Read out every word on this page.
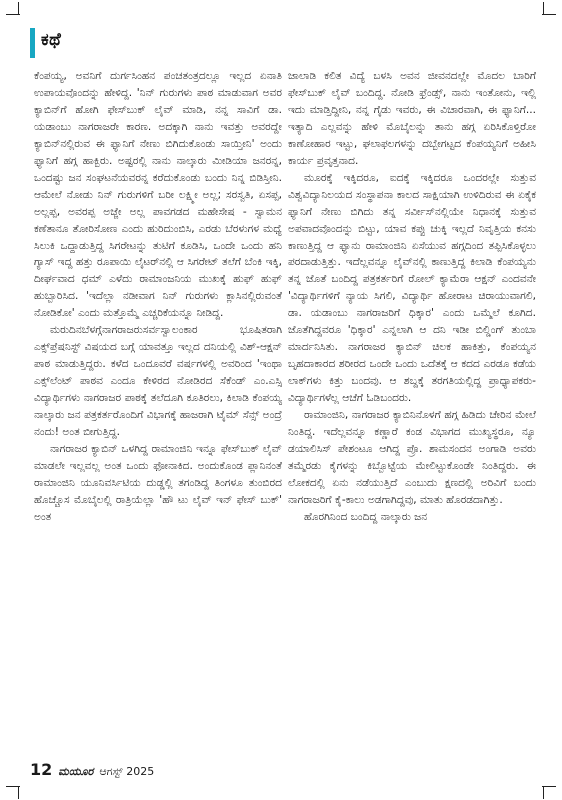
ಕಥೆ

ಕೆಂಪಯ್ಯ, ಅವನಿಗೆ ದುರ್ಗಸಿಂಹನ ಪಂಚತಂತ್ರದಲ್ಲೂ ಇಲ್ಲದ ಏನಾತಿ ಉಪಾಯವೊಂದನ್ನು ಹೇಳಿದ್ದ. 'ನಿನ್ ಗುರುಗಳು ಪಾಠ ಮಾಡುವಾಗ ಅವರ ಕ್ಯಾಬಿನ್‌ಗೆ ಹೋಗಿ ಫೇಸ್‌ಬುಕ್ ಲೈವ್ ಮಾಡಿ, ನನ್ನ ಸಾವಿಗೆ ಡಾ. ಯಡಾಂಬು ನಾಗರಾಜರೇ ಕಾರಣ. ಅದಕ್ಕಾಗಿ ನಾನು ಇವತ್ತು ಅವರದ್ದೇ ಕ್ಯಾಬಿನ್‌ನಲ್ಲಿರುವ ಈ ಫ್ಯಾನಿಗೆ ನೇಣು ಬಿಗಿದುಕೊಂಡು ಸಾಯ್ತೀನಿ' ಅಂದು ಫ್ಯಾನಿಗೆ ಹಗ್ಗ ಹಾಕ್ಬಿರು. ಅಷ್ಟರಲ್ಲಿ ನಾನು ನಾಲ್ಕಾರು ಮೀಡಿಯಾ ಜನರನ್ನ, ಒಂದಷ್ಟು ಜನ ಸಂಘಟನೆಯವರನ್ನ ಕರೆದುಕೊಂಡು ಬಂದು ನಿನ್ನ ಬಿಡಿಸ್ತೀನಿ. ಆಮೇಲೆ ನೋಡು ನಿನ್ ಗುರುಗಳಿಗೆ ಬರೀ ಲಕ್ಷ್ಮೀ ಅಲ್ಲ; ಸರಸ್ವತಿ, ಏಸಪ್ಪ, ಅಲ್ಲಪ್ಪ, ಅವರಪ್ಪ ಅಜ್ಜೇ ಅಲ್ಲ ಪಾವಗಡದ ಮಹೇಸೇಷ - ಸ್ವಾಮನ ಕಣೆತಾನೂ ತೋರಿಸೋಣ ಎಂದು ಹುರಿದುಂಬಿಸಿ, ಎರಡು ಬೆರಳುಗಳ ಮಧ್ಯೆ ಸಿಲುಕಿ ಒದ್ದಾಡುತ್ತಿದ್ದ ಸಿಗರೇಟನ್ನು ತುಟಿಗೆ ಕೂಡಿಸಿ, ಒಂದೇ ಒಂದು ಹನಿ ಗ್ಯಾಸ್ ಇದ್ದ ಹತ್ತು ರೂಪಾಯಿ ಲೈಟರ್‌ನಲ್ಲಿ ಆ ಸಿಗರೇಟ್ ತಲೆಗೆ ಬೆಂಕಿ ಇಕ್ಕಿ, ದೀರ್ಘವಾದ ಧಮ್ ಎಳೆದು ರಾಮಾಂಜನಿಯ ಮುಖಕ್ಕೆ ಹುಫ್ ಹುಫ್ ಹುಬ್ಬಾರಿಸಿದ. 'ಇದೆಲ್ಲಾ ನಡೀವಾಗ ನಿನ್ ಗುರುಗಳು ಕ್ಲಾಸಿನಲ್ಲಿರುವಂತೆ ನೋಡಿಕೋ' ಎಂದು ಮತ್ತೊಮ್ಮೆ ಎಚ್ಚರಿಕೆಯನ್ನೂ ನೀಡಿದ್ದ.

ಮರುದಿನಬೆಳಗ್ಗೆನಾಗರಾಜರುಸರ್ವಸ್ವಾಲಂಕಾರ ಭೂಷಿತರಾಗಿ ಎಕ್ಸ್‌ಪ್ರೆಷನಿಸ್ಟ್ ವಿಷಯದ ಬಗ್ಗೆ ಯಾವತ್ತೂ ಇಲ್ಲದ ದನಿಯಲ್ಲಿ ವಿಶ್-ಆಕ್ಷನ್ ಪಾಠ ಮಾಡುತ್ತಿದ್ದರು. ಕಳೆದ ಒಂದೂವರೆ ವರ್ಷಗಳಲ್ಲಿ ಅವರಿಂದ 'ಇಂಥಾ ಎಕ್ಸ್‌ಲೆಂಟ್ ಪಾಠವ ಎಂದೂ ಕೇಳಿರದ ನೋಡಿರದ ಸೆಕೆಂಡ್ ಎಂ.ಎಸ್ಸಿ ವಿದ್ಯಾರ್ಥಿಗಳು ನಾಗರಾಜರ ಪಾಠಕ್ಕೆ ತಲೆದೂಗಿ ಕೂತಿರಲು, ಕಿಲಾಡಿ ಕೆಂಪಯ್ಯ ನಾಲ್ಕಾರು ಜನ ಪತ್ರಕರ್ತರೊಂದಿಗೆ ವಿಭಾಗಕ್ಕೆ ಹಾಜರಾಗಿ ಟೈಮ್ ಸೆನ್ಸ್ ಅಂದ್ರೆ ನಂದು! ಅಂತ ಬೀಗುತ್ತಿದ್ದ.

ನಾಗರಾಜರ ಕ್ಯಾಬಿನ್ ಒಳಗಿದ್ದ ರಾಮಾಂಜಿನಿ ಇನ್ನೂ ಫೇಸ್‌ಬುಕ್ ಲೈವ್ ಮಾಡಲೇ ಇಲ್ಲವಲ್ಲ ಅಂತ ಒಂದು ಫೋನಾಕಿದ. ಅಂದುಕೊಂಡ ಪ್ಲಾನಿನಂತೆ ರಾಮಾಂಜಿನಿ ಯೂನಿವರ್ಸಿಟಿಯ ದುಡ್ಡಲ್ಲಿ ತಗಂಡಿದ್ದ ತಿಂಗಳೂ ತುಂಬಿರದ ಹೊಚ್ಚೊಸ ಮೊಬೈಲಲ್ಲಿ ರಾತ್ರಿಯೆಲ್ಲಾ 'ಹೌ ಟು ಲೈವ್ ಇನ್ ಫೇಸ್ ಬುಕ್' ಅಂತ

ಜಾಲಾಡಿ ಕಲಿತ ವಿದ್ಯೆ ಬಳಸಿ ಅವನ ಜೀವನದಲ್ಲೇ ಮೊದಲ ಬಾರಿಗೆ ಫೇಸ್‌ಬುಕ್ ಲೈವ್ ಬಂದಿದ್ದ. ನೋಡಿ ಫ್ರೆಂಡ್ಸ್, ನಾನು ಇಂತೋನು, ಇಲ್ಲಿ ಇದು ಮಾಡ್ತಿದ್ದೀನಿ, ನನ್ನ ಗೈಡು ಇವರು, ಈ ವಿಚಾರವಾಗಿ, ಈ ಫ್ಯಾನಿಗೆ... ಇತ್ಯಾದಿ ಎಲ್ಲವನ್ನು ಹೇಳಿ ಮೊಬೈಲನ್ನು ತಾನು ಹಗ್ಗ ಏರಿಸಿಕೊಳ್ತಿರೋ ಕಾಣೋಹಾರ ಇಟ್ಟು, ಘಲಾಫಲಗಳನ್ನು ದಬ್ಬೇಗಟ್ಟದ ಕೆಂಪಯ್ಯನಿಗೆ ಅಹೀಸಿ ಕಾರ್ಯ ಪ್ರವೃತ್ತನಾದ.

ಮೂರಕ್ಕೆ ಇಕ್ಕಿದರೂ, ಐದಕ್ಕೆ ಇಕ್ಕಿದರೂ ಒಂದರಲ್ಲೇ ಸುತ್ತುವ ವಿಶ್ವವಿದ್ಯಾನಿಲಯದ ಸಂಸ್ಥಾಪನಾ ಕಾಲದ ಸಾಕ್ಷಿಯಾಗಿ ಉಳಿದಿರುವ ಈ ಏಕೈಕ ಫ್ಯಾನಿಗೆ ನೇಣು ಬಿಗಿದು ತನ್ನ ಸರ್ವೀಸ್‌ನಲ್ಲಿಯೇ ನಿಧಾನಕ್ಕೆ ಸುತ್ತುವ ಅಪವಾದವೊಂದನ್ನು ಬಿಟ್ಟು, ಯಾವ ಕಪ್ಪು ಚುಕ್ಕಿ ಇಲ್ಲದೆ ನಿವೃತ್ತಿಯ ಕನಸು ಕಾಣುತ್ತಿದ್ದ ಆ ಫ್ಯಾನು ರಾಮಾಂಜಿನಿ ಏಸೆಯುವ ಹಗ್ಗದಿಂದ ತಪ್ಪಿಸಿಕೊಳ್ಳಲು ಪರದಾಡುತ್ತಿತ್ತು. ಇದೆಲ್ಲವನ್ನೂ ಲೈವ್‌ನಲ್ಲಿ ಕಾಣುತ್ತಿದ್ದ ಕಿಲಾಡಿ ಕೆಂಪಯ್ಯನು ತನ್ನ ಜೊತೆ ಬಂದಿದ್ದ ಪತ್ರಕರ್ತರಿಗೆ ರೋಲ್ ಕ್ಯಾಮೆರಾ ಆಕ್ಷನ್ ಎಂದವನೇ 'ವಿದ್ಯಾರ್ಥಿಗಳಿಗೆ ನ್ಯಾಯ ಸಿಗಲಿ, ವಿದ್ಯಾರ್ಥಿ ಹೋರಾಟ ಚಿರಾಯುವಾಗಲಿ, ಡಾ. ಯಡಾಂಬು ನಾಗರಾಜರಿಗೆ ಧಿಕ್ಕಾರ' ಎಂದು ಒಮ್ಮೆಲೆ ಕೂಗಿದ. ಜೊತೆಗಿದ್ದವರೂ 'ಧಿಕ್ಕಾರ' ಎನ್ನಲಾಗಿ ಆ ದನಿ ಇಡೀ ಬಿಲ್ಡಿಂಗ್ ತುಂಬಾ ಮಾರ್ದನಿಸಿತು. ನಾಗರಾಜರ ಕ್ಯಾಬಿನ್ ಚಿಲಕ ಹಾಕಿತ್ತು, ಕೆಂಪಯ್ಯನ ಬೃಹದಾಕಾರದ ಶರೀರದ ಒಂದೇ ಒಂದು ಒದೆತಕ್ಕೆ ಆ ಕದದ ಎರಡೂ ಕಡೆಯ ಲಾಕ್‌ಗಳು ಕಿತ್ತು ಬಂದವು. ಆ ಶಬ್ದಕ್ಕೆ ತರಗತಿಯಲ್ಲಿದ್ದ ಪ್ರಾಧ್ಯಾಪಕರು-ವಿದ್ಯಾರ್ಥಿಗಳೆಲ್ಲ ಆಚೆಗೆ ಓಡಿಬಂದರು.

ರಾಮಾಂಜಿನಿ, ನಾಗರಾಜರ ಕ್ಯಾಬಿನಿನೊಳಗೆ ಹಗ್ಗ ಹಿಡಿದು ಚೇರಿನ ಮೇಲೆ ನಿಂತಿದ್ದ. ಇದೆಲ್ಲವನ್ನೂ ಕಣ್ಣಾರೆ ಕಂಡ ವಿಭಾಗದ ಮುಖ್ಯಸ್ಥರೂ, ನ್ಯೂ ಡಯಾಲಿಸಿಸ್ ಪೇಶಂಟೂ ಆಗಿದ್ದ ಪ್ರೊ. ಶಾಮಸಂದನ ಅಂಗಾಡಿ ಅವರು ತಮ್ಮೆರಡು ಕೈಗಳನ್ನು ಕಿಬ್ಬೊಟ್ಟೆಯ ಮೇಲಿಟ್ಟುಕೊಂಡೇ ನಿಂತಿದ್ದರು. ಈ ಲೋಕದಲ್ಲಿ ಏನು ನಡೆಯುತ್ತಿದೆ ಎಂಬುದು ಕ್ಷಣದಲ್ಲಿ ಅರಿವಿಗೆ ಬಂದು ನಾಗರಾಜರಿಗೆ ಕೈ-ಕಾಲು ಅಡಗಾಗಿದ್ದವು, ಮಾತು ಹೊರಡದಾಗಿತ್ತು.

ಹೊರಗಿನಿಂದ ಬಂದಿದ್ದ ನಾಲ್ಕಾರು ಜನ

12 ಮಯೂರ ಆಗಸ್ಟ್ 2025
